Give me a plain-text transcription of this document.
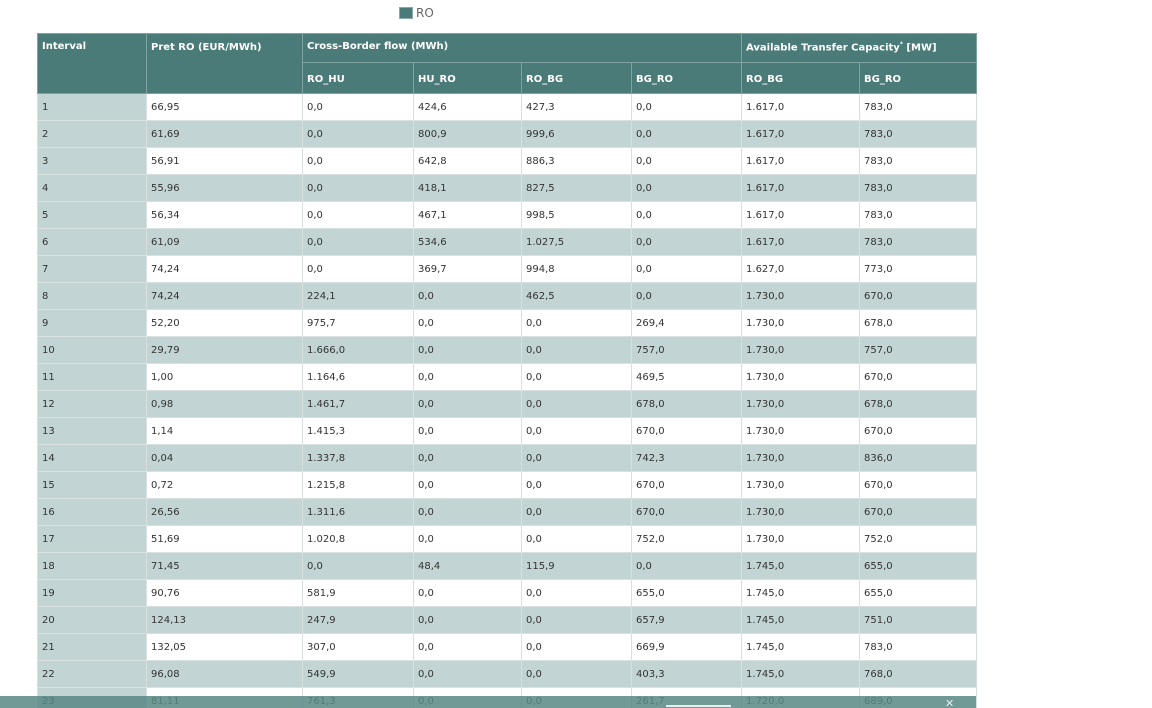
RO
Interval	Pret RO (EUR/MWh)	Cross-Border flow (MWh)				Available Transfer Capacity* [MW]	
		RO_HU	HU_RO	RO_BG	BG_RO	RO_BG	BG_RO
1	66,95	0,0	424,6	427,3	0,0	1.617,0	783,0
2	61,69	0,0	800,9	999,6	0,0	1.617,0	783,0
3	56,91	0,0	642,8	886,3	0,0	1.617,0	783,0
4	55,96	0,0	418,1	827,5	0,0	1.617,0	783,0
5	56,34	0,0	467,1	998,5	0,0	1.617,0	783,0
6	61,09	0,0	534,6	1.027,5	0,0	1.617,0	783,0
7	74,24	0,0	369,7	994,8	0,0	1.627,0	773,0
8	74,24	224,1	0,0	462,5	0,0	1.730,0	670,0
9	52,20	975,7	0,0	0,0	269,4	1.730,0	678,0
10	29,79	1.666,0	0,0	0,0	757,0	1.730,0	757,0
11	1,00	1.164,6	0,0	0,0	469,5	1.730,0	670,0
12	0,98	1.461,7	0,0	0,0	678,0	1.730,0	678,0
13	1,14	1.415,3	0,0	0,0	670,0	1.730,0	670,0
14	0,04	1.337,8	0,0	0,0	742,3	1.730,0	836,0
15	0,72	1.215,8	0,0	0,0	670,0	1.730,0	670,0
16	26,56	1.311,6	0,0	0,0	670,0	1.730,0	670,0
17	51,69	1.020,8	0,0	0,0	752,0	1.730,0	752,0
18	71,45	0,0	48,4	115,9	0,0	1.745,0	655,0
19	90,76	581,9	0,0	0,0	655,0	1.745,0	655,0
20	124,13	247,9	0,0	0,0	657,9	1.745,0	751,0
21	132,05	307,0	0,0	0,0	669,9	1.745,0	783,0
22	96,08	549,9	0,0	0,0	403,3	1.745,0	768,0

✕
